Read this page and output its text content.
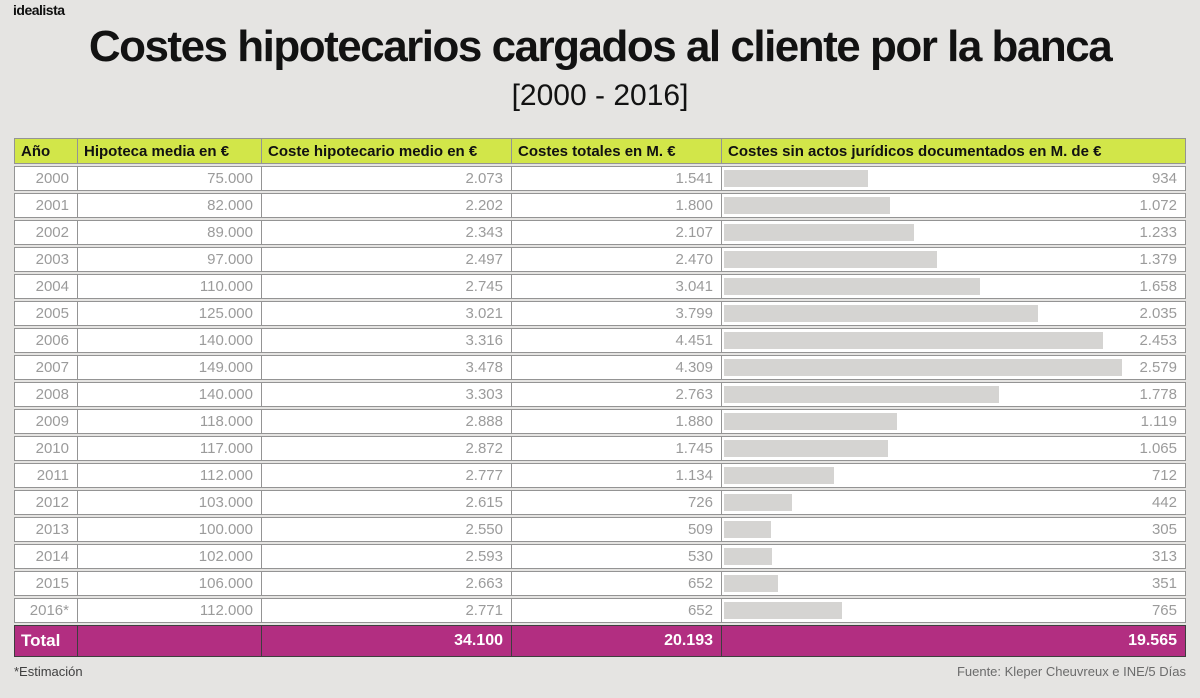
idealista
Costes hipotecarios cargados al cliente por la banca
[2000 - 2016]
Año	Hipoteca media en €	Coste hipotecario medio en €	Costes totales en M. €	Costes sin actos jurídicos documentados en M. de €
2000	75.000	2.073	1.541	934
2001	82.000	2.202	1.800	1.072
2002	89.000	2.343	2.107	1.233
2003	97.000	2.497	2.470	1.379
2004	110.000	2.745	3.041	1.658
2005	125.000	3.021	3.799	2.035
2006	140.000	3.316	4.451	2.453
2007	149.000	3.478	4.309	2.579
2008	140.000	3.303	2.763	1.778
2009	118.000	2.888	1.880	1.119
2010	117.000	2.872	1.745	1.065
2011	112.000	2.777	1.134	712
2012	103.000	2.615	726	442
2013	100.000	2.550	509	305
2014	102.000	2.593	530	313
2015	106.000	2.663	652	351
2016*	112.000	2.771	652	765
Total		34.100	20.193	19.565
*Estimación	Fuente: Kleper Cheuvreux e INE/5 Días
